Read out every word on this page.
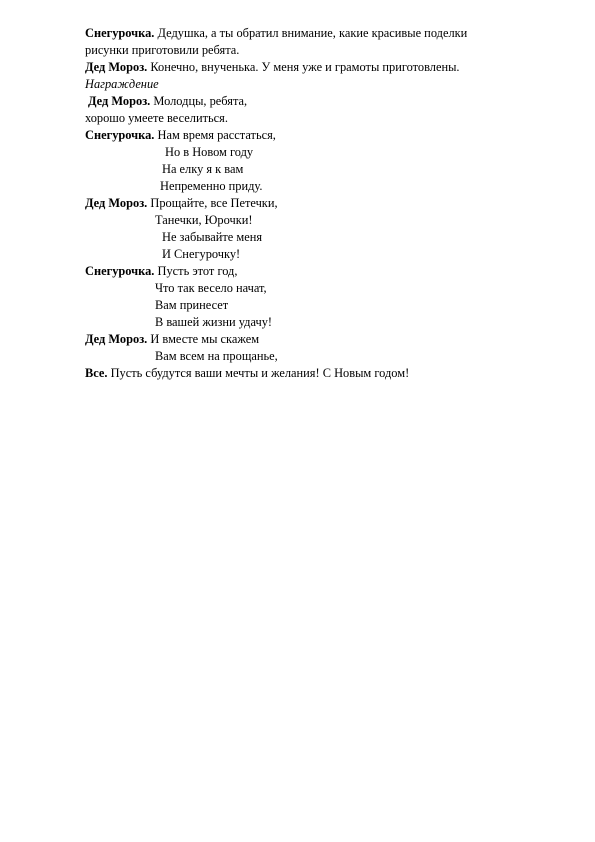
Снегурочка. Дедушка, а ты обратил внимание, какие красивые поделки
рисунки приготовили ребята.
Дед Мороз. Конечно, внученька. У меня уже и грамоты приготовлены.
Награждение
Дед Мороз. Молодцы, ребята,
хорошо умеете веселиться.
Снегурочка. Нам время расстаться,
Но в Новом году
На елку я к вам
Непременно приду.
Дед Мороз. Прощайте, все Петечки,
Танечки, Юрочки!
Не забывайте меня
И Снегурочку!
Снегурочка. Пусть этот год,
Что так весело начат,
Вам принесет
В вашей жизни удачу!
Дед Мороз. И вместе мы скажем
Вам всем на прощанье,
Все. Пусть сбудутся ваши мечты и желания! С Новым годом!
